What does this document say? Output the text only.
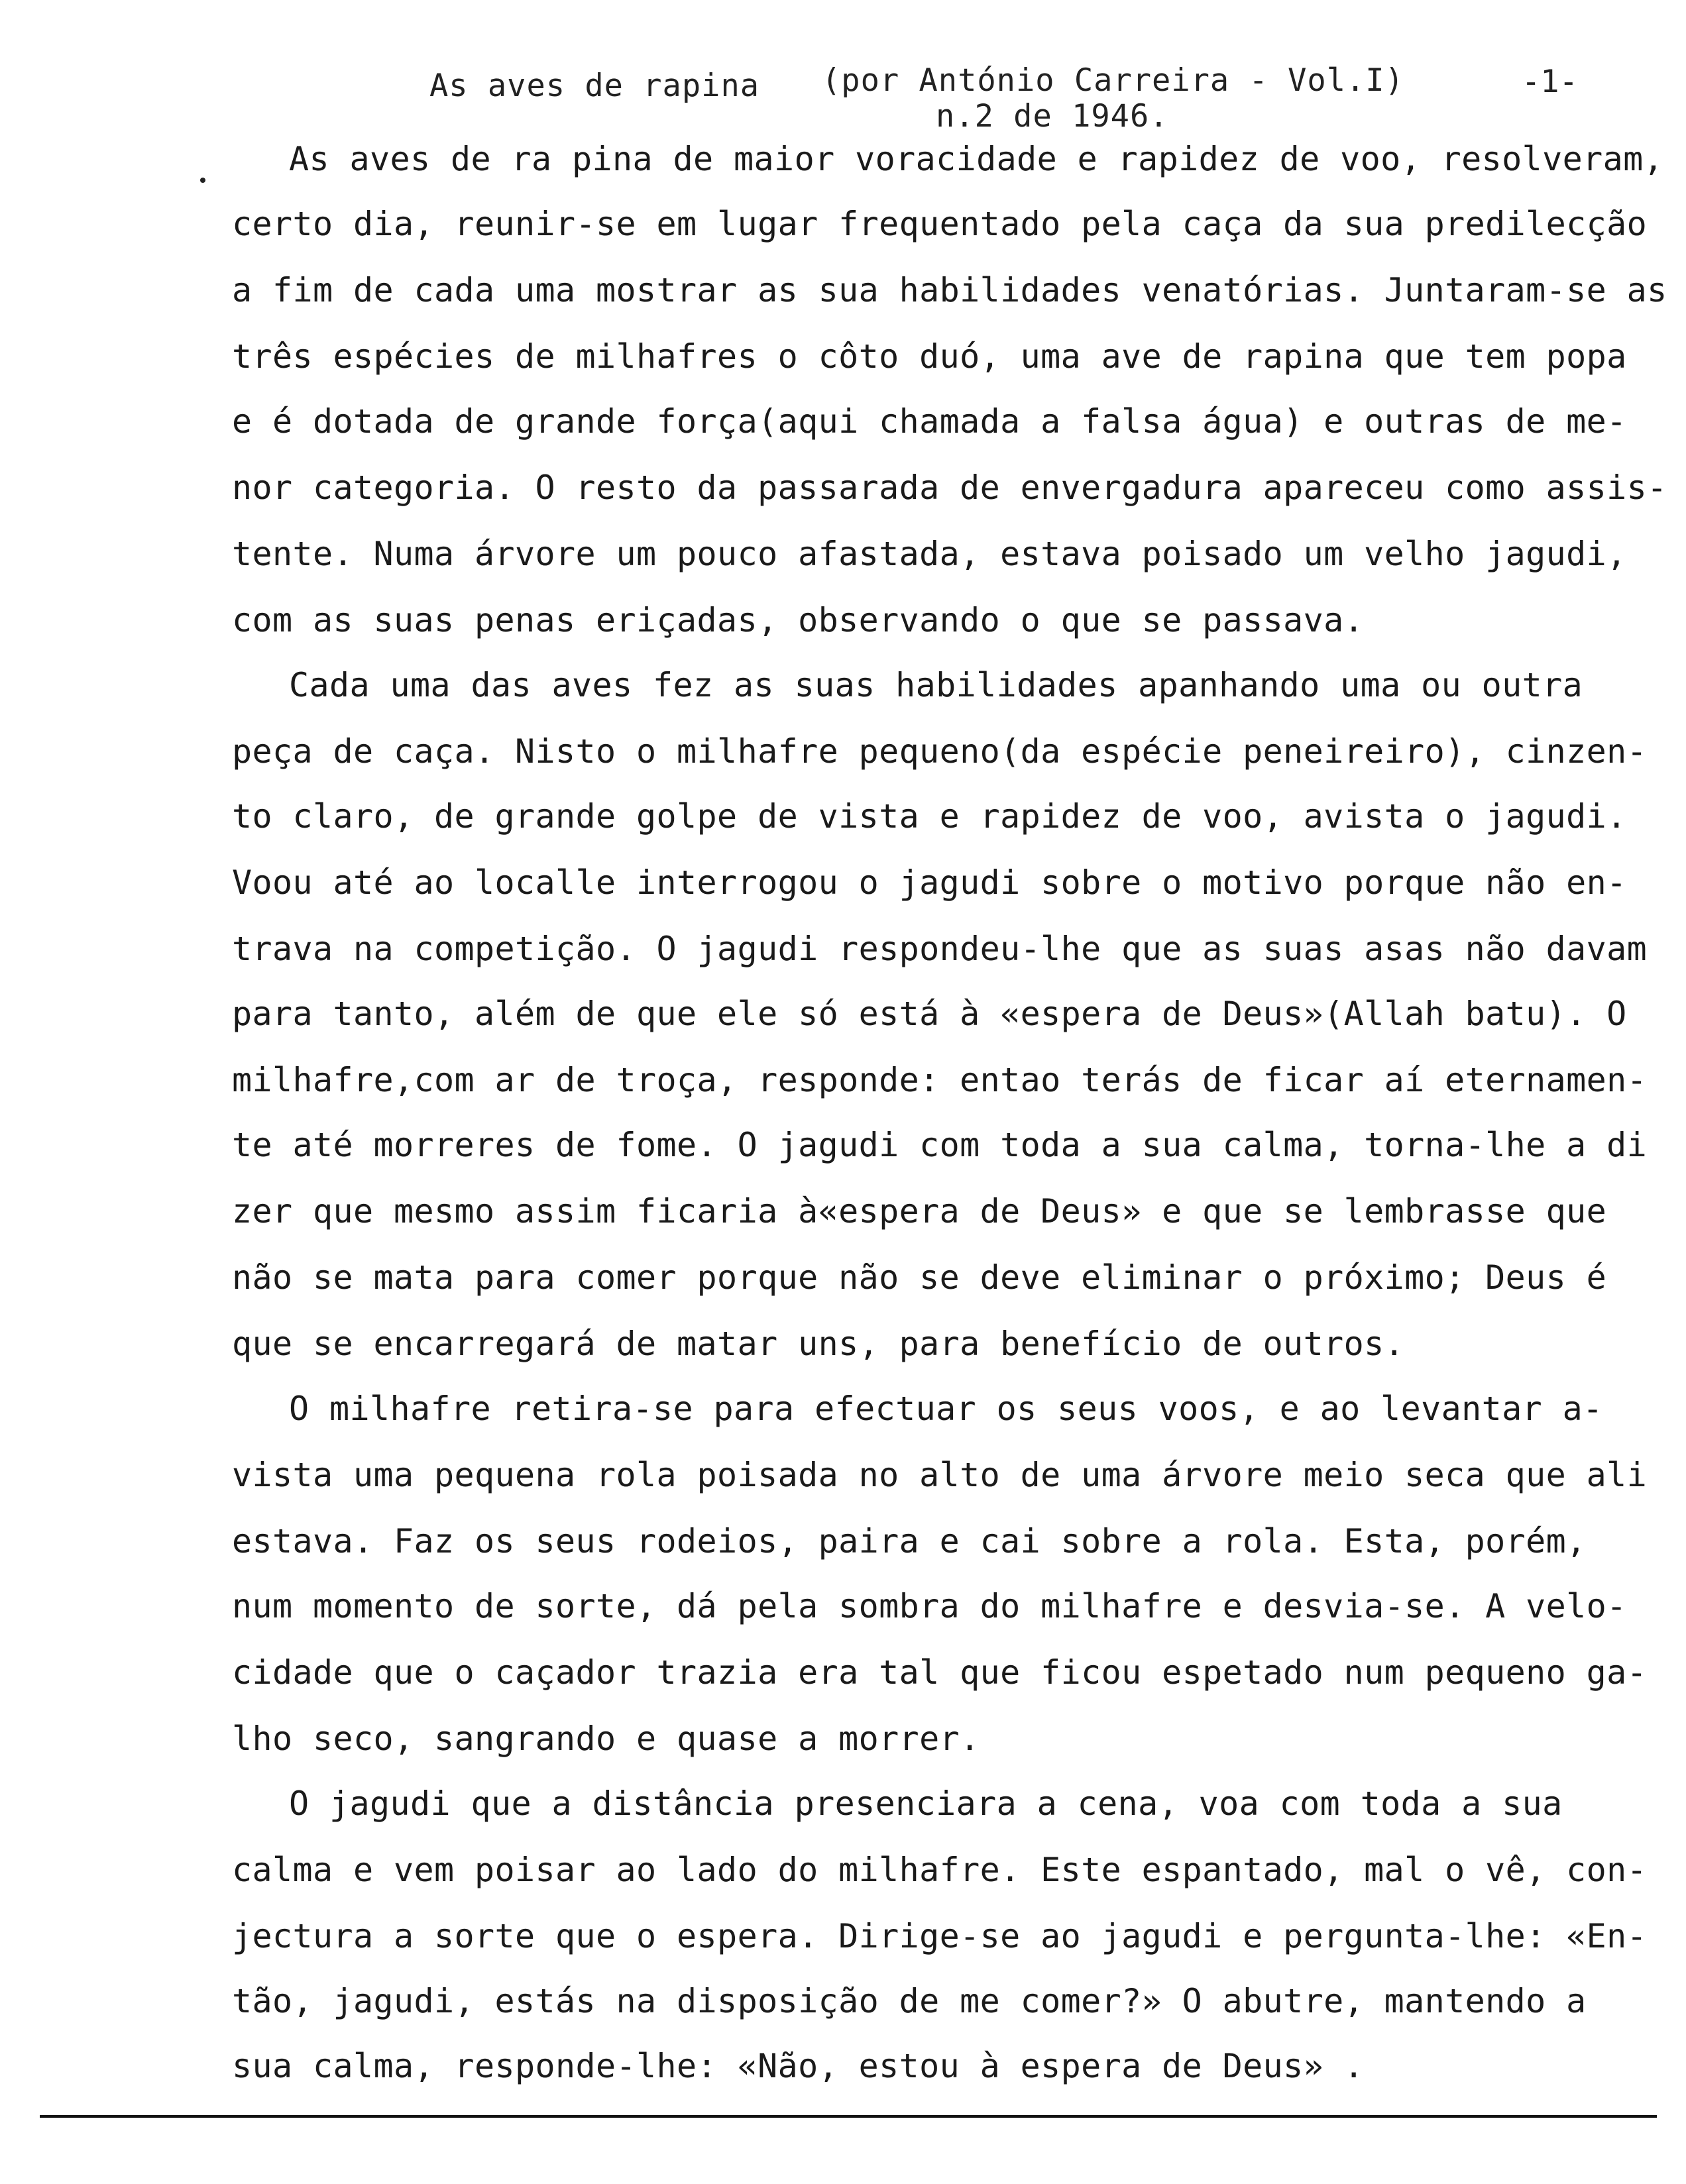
As aves de rapina (por António Carreira - Vol.I)
n.2 de 1946.
-1-
As aves de ra pina de maior voracidade e rapidez de voo, resolveram,
certo dia, reunir-se em lugar frequentado pela caça da sua predilecção
a fim de cada uma mostrar as sua habilidades venatórias. Juntaram-se as
três espécies de milhafres o côto duó, uma ave de rapina que tem popa
e é dotada de grande força(aqui chamada a falsa água) e outras de me-
nor categoria. O resto da passarada de envergadura apareceu como assis-
tente. Numa árvore um pouco afastada, estava poisado um velho jagudi,
com as suas penas eriçadas, observando o que se passava.
Cada uma das aves fez as suas habilidades apanhando uma ou outra
peça de caça. Nisto o milhafre pequeno(da espécie peneireiro), cinzen-
to claro, de grande golpe de vista e rapidez de voo, avista o jagudi.
Voou até ao localle interrogou o jagudi sobre o motivo porque não en-
trava na competição. O jagudi respondeu-lhe que as suas asas não davam
para tanto, além de que ele só está à «espera de Deus»(Allah batu). O
milhafre,com ar de troça, responde: entao terás de ficar aí eternamen-
te até morreres de fome. O jagudi com toda a sua calma, torna-lhe a di
zer que mesmo assim ficaria à«espera de Deus» e que se lembrasse que
não se mata para comer porque não se deve eliminar o próximo; Deus é
que se encarregará de matar uns, para benefício de outros.
O milhafre retira-se para efectuar os seus voos, e ao levantar a-
vista uma pequena rola poisada no alto de uma árvore meio seca que ali
estava. Faz os seus rodeios, paira e cai sobre a rola. Esta, porém,
num momento de sorte, dá pela sombra do milhafre e desvia-se. A velo-
cidade que o caçador trazia era tal que ficou espetado num pequeno ga-
lho seco, sangrando e quase a morrer.
O jagudi que a distância presenciara a cena, voa com toda a sua
calma e vem poisar ao lado do milhafre. Este espantado, mal o vê, con-
jectura a sorte que o espera. Dirige-se ao jagudi e pergunta-lhe: «En-
tão, jagudi, estás na disposição de me comer?» O abutre, mantendo a
sua calma, responde-lhe: «Não, estou à espera de Deus» .
